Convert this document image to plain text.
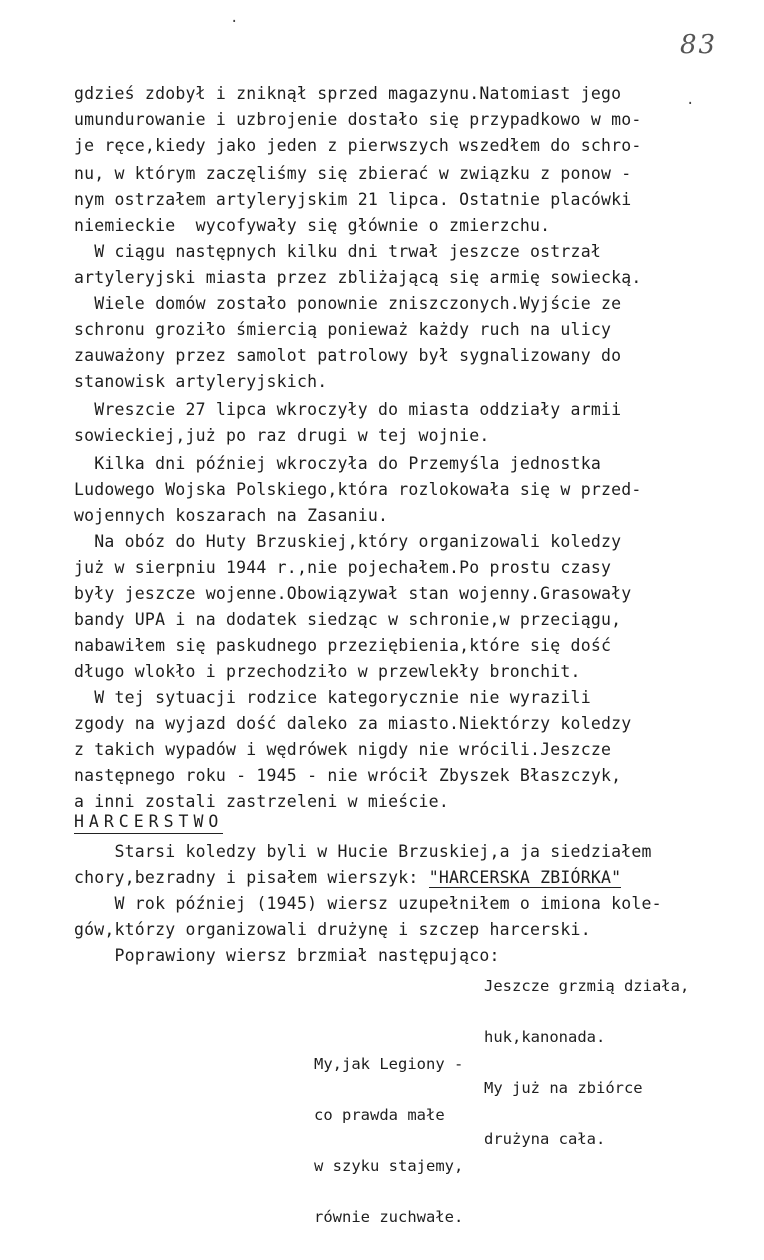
83
·
·
gdzieś zdobył i zniknął sprzed magazynu.Natomiast jego
umundurowanie i uzbrojenie dostało się przypadkowo w mo-
je ręce,kiedy jako jeden z pierwszych wszedłem do schro-
nu, w którym zaczęliśmy się zbierać w związku z ponow -
nym ostrzałem artyleryjskim 21 lipca. Ostatnie placówki
niemieckie  wycofywały się głównie o zmierzchu.
W ciągu następnych kilku dni trwał jeszcze ostrzał
artyleryjski miasta przez zbliżającą się armię sowiecką.
Wiele domów zostało ponownie zniszczonych.Wyjście ze
schronu groziło śmiercią ponieważ każdy ruch na ulicy
zauważony przez samolot patrolowy był sygnalizowany do
stanowisk artyleryjskich.
Wreszcie 27 lipca wkroczyły do miasta oddziały armii
sowieckiej,już po raz drugi w tej wojnie.
Kilka dni później wkroczyła do Przemyśla jednostka
Ludowego Wojska Polskiego,która rozlokowała się w przed-
wojennych koszarach na Zasaniu.
Na obóz do Huty Brzuskiej,który organizowali koledzy
już w sierpniu 1944 r.,nie pojechałem.Po prostu czasy
były jeszcze wojenne.Obowiązywał stan wojenny.Grasowały
bandy UPA i na dodatek siedząc w schronie,w przeciągu,
nabawiłem się paskudnego przeziębienia,które się dość
długo wlokło i przechodziło w przewlekły bronchit.
W tej sytuacji rodzice kategorycznie nie wyrazili
zgody na wyjazd dość daleko za miasto.Niektórzy koledzy
z takich wypadów i wędrówek nigdy nie wrócili.Jeszcze
następnego roku - 1945 - nie wrócił Zbyszek Błaszczyk,
a inni zostali zastrzeleni w mieście.
HARCERSTWO
Starsi koledzy byli w Hucie Brzuskiej,a ja siedziałem
chory,bezradny i pisałem wierszyk: "HARCERSKA ZBIÓRKA"
W rok później (1945) wiersz uzupełniłem o imiona kole-
gów,którzy organizowali drużynę i szczep harcerski.
Poprawiony wiersz brzmiał następująco:

Jeszcze grzmią działa,

huk,kanonada.

My już na zbiórce

drużyna cała.

My,jak Legiony -

co prawda małe

w szyku stajemy,

równie zuchwałe.
